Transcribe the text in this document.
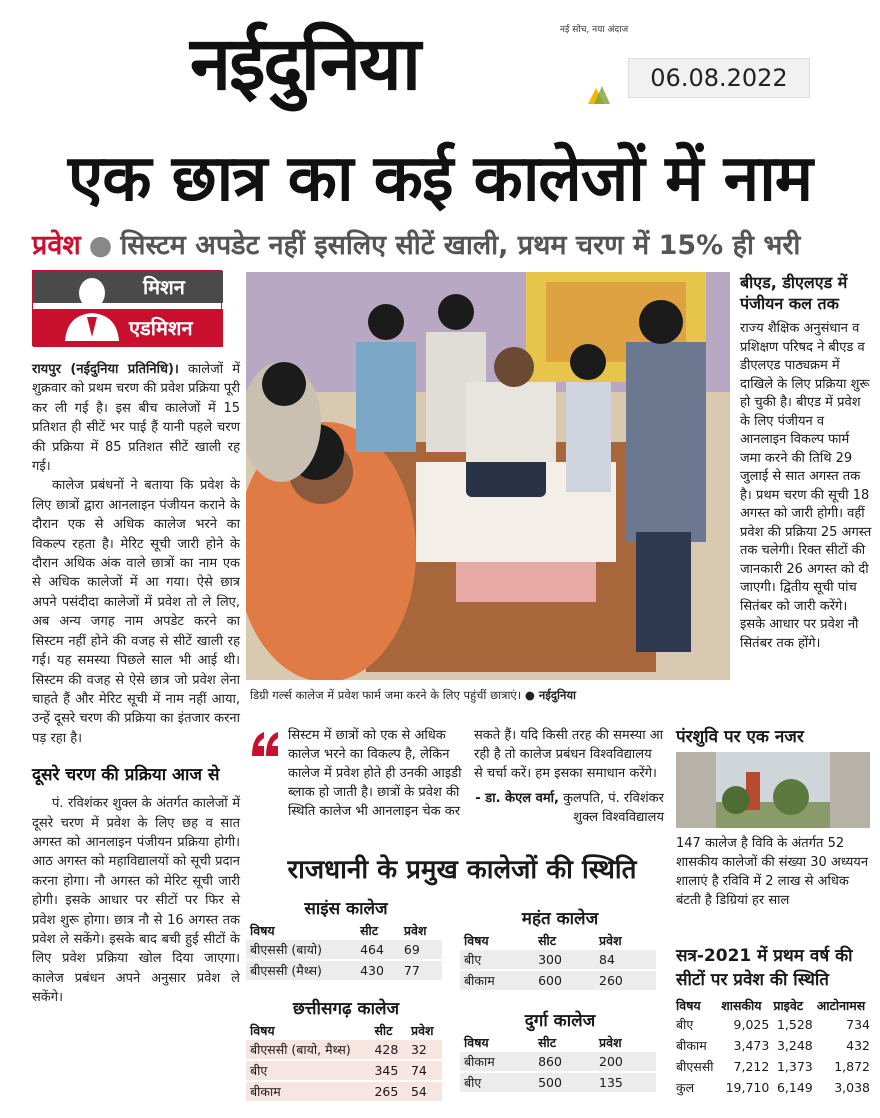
नईदुनिया	नई सोच, नया अंदाज
06.08.2022
एक छात्र का कई कालेजों में नाम
प्रवेश ● सिस्टम अपडेट नहीं इसलिए सीटें खाली, प्रथम चरण में 15% ही भरी
मिशन
एडमिशन

रायपुर (नईदुनिया प्रतिनिधि)। कालेजों में शुक्रवार को प्रथम चरण की प्रवेश प्रक्रिया पूरी कर ली गई है। इस बीच कालेजों में 15 प्रतिशत ही सीटें भर पाई हैं यानी पहले चरण की प्रक्रिया में 85 प्रतिशत सीटें खाली रह गई।

कालेज प्रबंधनों ने बताया कि प्रवेश के लिए छात्रों द्वारा आनलाइन पंजीयन कराने के दौरान एक से अधिक कालेज भरने का विकल्प रहता है। मेरिट सूची जारी होने के दौरान अधिक अंक वाले छात्रों का नाम एक से अधिक कालेजों में आ गया। ऐसे छात्र अपने पसंदीदा कालेजों में प्रवेश तो ले लिए, अब अन्य जगह नाम अपडेट करने का सिस्टम नहीं होने की वजह से सीटें खाली रह गई। यह समस्या पिछले साल भी आई थी। सिस्टम की वजह से ऐसे छात्र जो प्रवेश लेना चाहते हैं और मेरिट सूची में नाम नहीं आया, उन्हें दूसरे चरण की प्रक्रिया का इंतजार करना पड़ रहा है।

दूसरे चरण की प्रक्रिया आज से

पं. रविशंकर शुक्ल के अंतर्गत कालेजों में दूसरे चरण में प्रवेश के लिए छह व सात अगस्त को आनलाइन पंजीयन प्रक्रिया होगी। आठ अगस्त को महाविद्यालयों को सूची प्रदान करना होगा। नौ अगस्त को मेरिट सूची जारी होगी। इसके आधार पर सीटों पर फिर से प्रवेश शुरू होगा। छात्र नौ से 16 अगस्त तक प्रवेश ले सकेंगे। इसके बाद बची हुई सीटों के लिए प्रवेश प्रक्रिया खोल दिया जाएगा। कालेज प्रबंधन अपने अनुसार प्रवेश ले सकेंगे।

डिग्री गर्ल्स कालेज में प्रवेश फार्म जमा करने के लिए पहुंचीं छात्राएं। ● नईदुनिया
बीएड, डीएलएड में पंजीयन कल तक
राज्य शैक्षिक अनुसंधान व प्रशिक्षण परिषद ने बीएड व डीएलएड पाठ्यक्रम में दाखिले के लिए प्रक्रिया शुरू हो चुकी है। बीएड में प्रवेश के लिए पंजीयन व आनलाइन विकल्प फार्म जमा करने की तिथि 29 जुलाई से सात अगस्त तक है। प्रथम चरण की सूची 18 अगस्त को जारी होगी। वहीं प्रवेश की प्रक्रिया 25 अगस्त तक चलेगी। रिक्त सीटों की जानकारी 26 अगस्त को दी जाएगी। द्वितीय सूची पांच सितंबर को जारी करेंगे। इसके आधार पर प्रवेश नौ सितंबर तक होंगे।
सिस्टम में छात्रों को एक से अधिक कालेज भरने का विकल्प है, लेकिन कालेज में प्रवेश होते ही उनकी आइडी ब्लाक हो जाती है। छात्रों के प्रवेश की स्थिति कालेज भी आनलाइन चेक कर
सकते हैं। यदि किसी तरह की समस्या आ रही है तो कालेज प्रबंधन विश्वविद्यालय से चर्चा करें। हम इसका समाधान करेंगे।
- डा. केएल वर्मा, कुलपति, पं. रविशंकर शुक्ल विश्वविद्यालय
राजधानी के प्रमुख कालेजों की स्थिति
साइंस कालेज
विषय	सीट	प्रवेश
बीएससी (बायो)	464	69
बीएससी (मैथ्स)	430	77
छत्तीसगढ़ कालेज
विषय	सीट	प्रवेश
बीएससी (बायो, मैथ्स)	428	32
बीए	345	74
बीकाम	265	54
महंत कालेज
विषय	सीट	प्रवेश
बीए	300	84
बीकाम	600	260
दुर्गा कालेज
विषय	सीट	प्रवेश
बीकाम	860	200
बीए	500	135
पंरशुवि पर एक नजर
147 कालेज है विवि के अंतर्गत 52 शासकीय कालेजों की संख्या 30 अध्ययन शालाएं है रविवि में 2 लाख से अधिक बंटती है डिग्रियां हर साल
सत्र-2021 में प्रथम वर्ष की सीटों पर प्रवेश की स्थिति
विषय	शासकीय	प्राइवेट	आटोनामस
बीए	9,025	1,528	734
बीकाम	3,473	3,248	432
बीएससी	7,212	1,373	1,872
कुल	19,710	6,149	3,038
